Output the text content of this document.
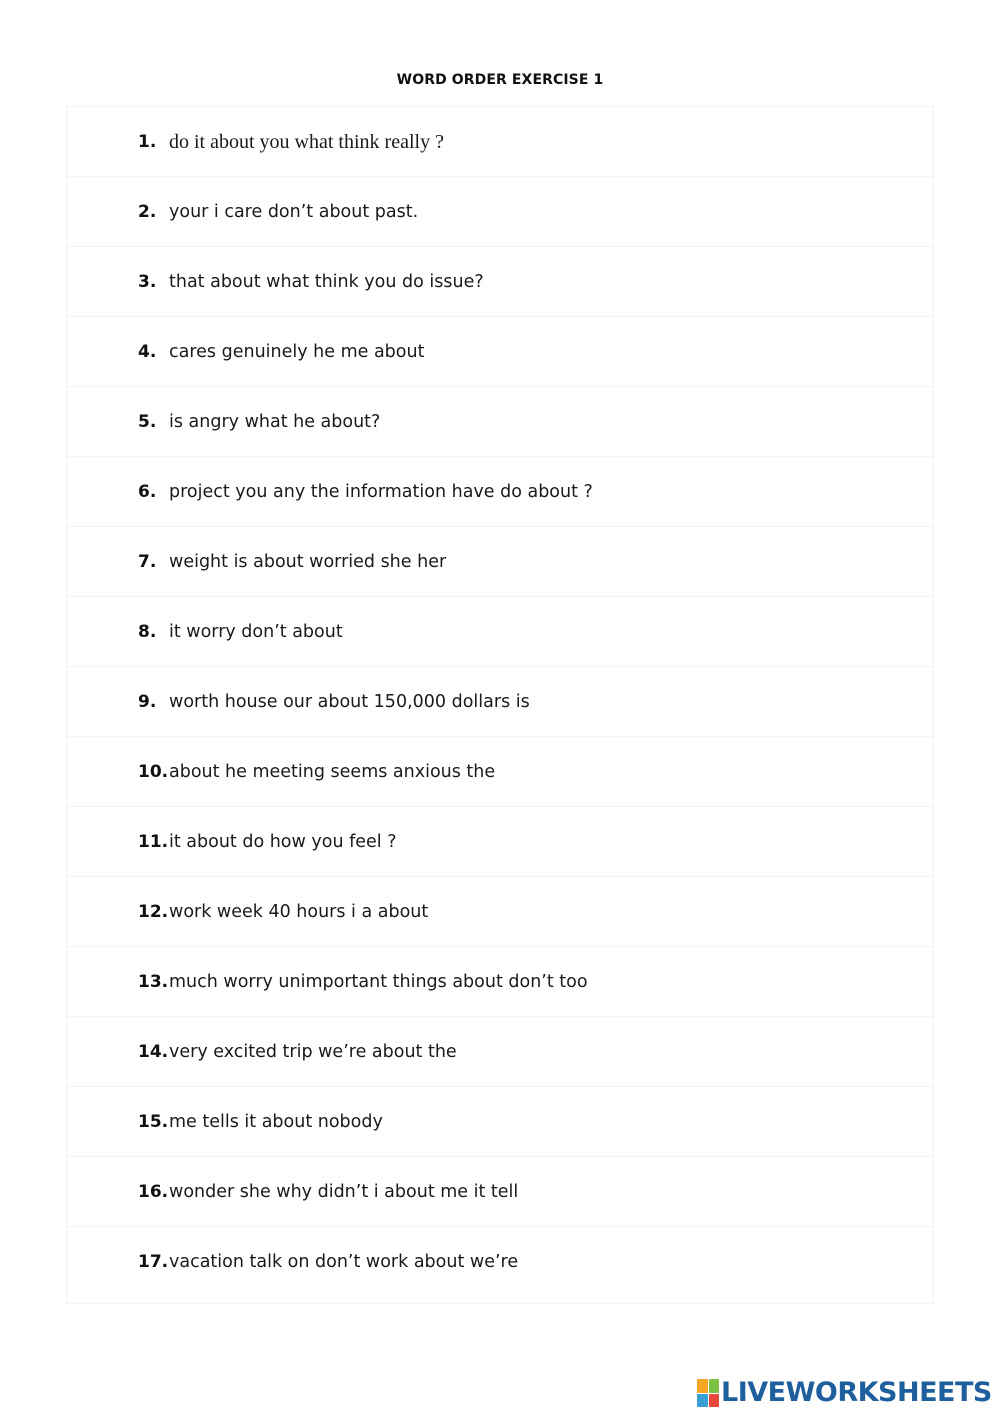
WORD ORDER EXERCISE 1
1. do it about you what think really ?
2. your i care don’t about past.
3. that about what think you do issue?
4. cares genuinely he me about
5. is angry what he about?
6. project you any the information have do about ?
7. weight is about worried she her
8. it worry don’t about
9. worth house our about 150,000 dollars is
10. about he meeting seems anxious the
11. it about do how you feel ?
12. work week 40 hours i a about
13. much worry unimportant things about don’t too
14. very excited trip we’re about the
15. me tells it about nobody
16. wonder she why didn’t i about me it tell
17. vacation talk on don’t work about we’re
LIVEWORKSHEETS
